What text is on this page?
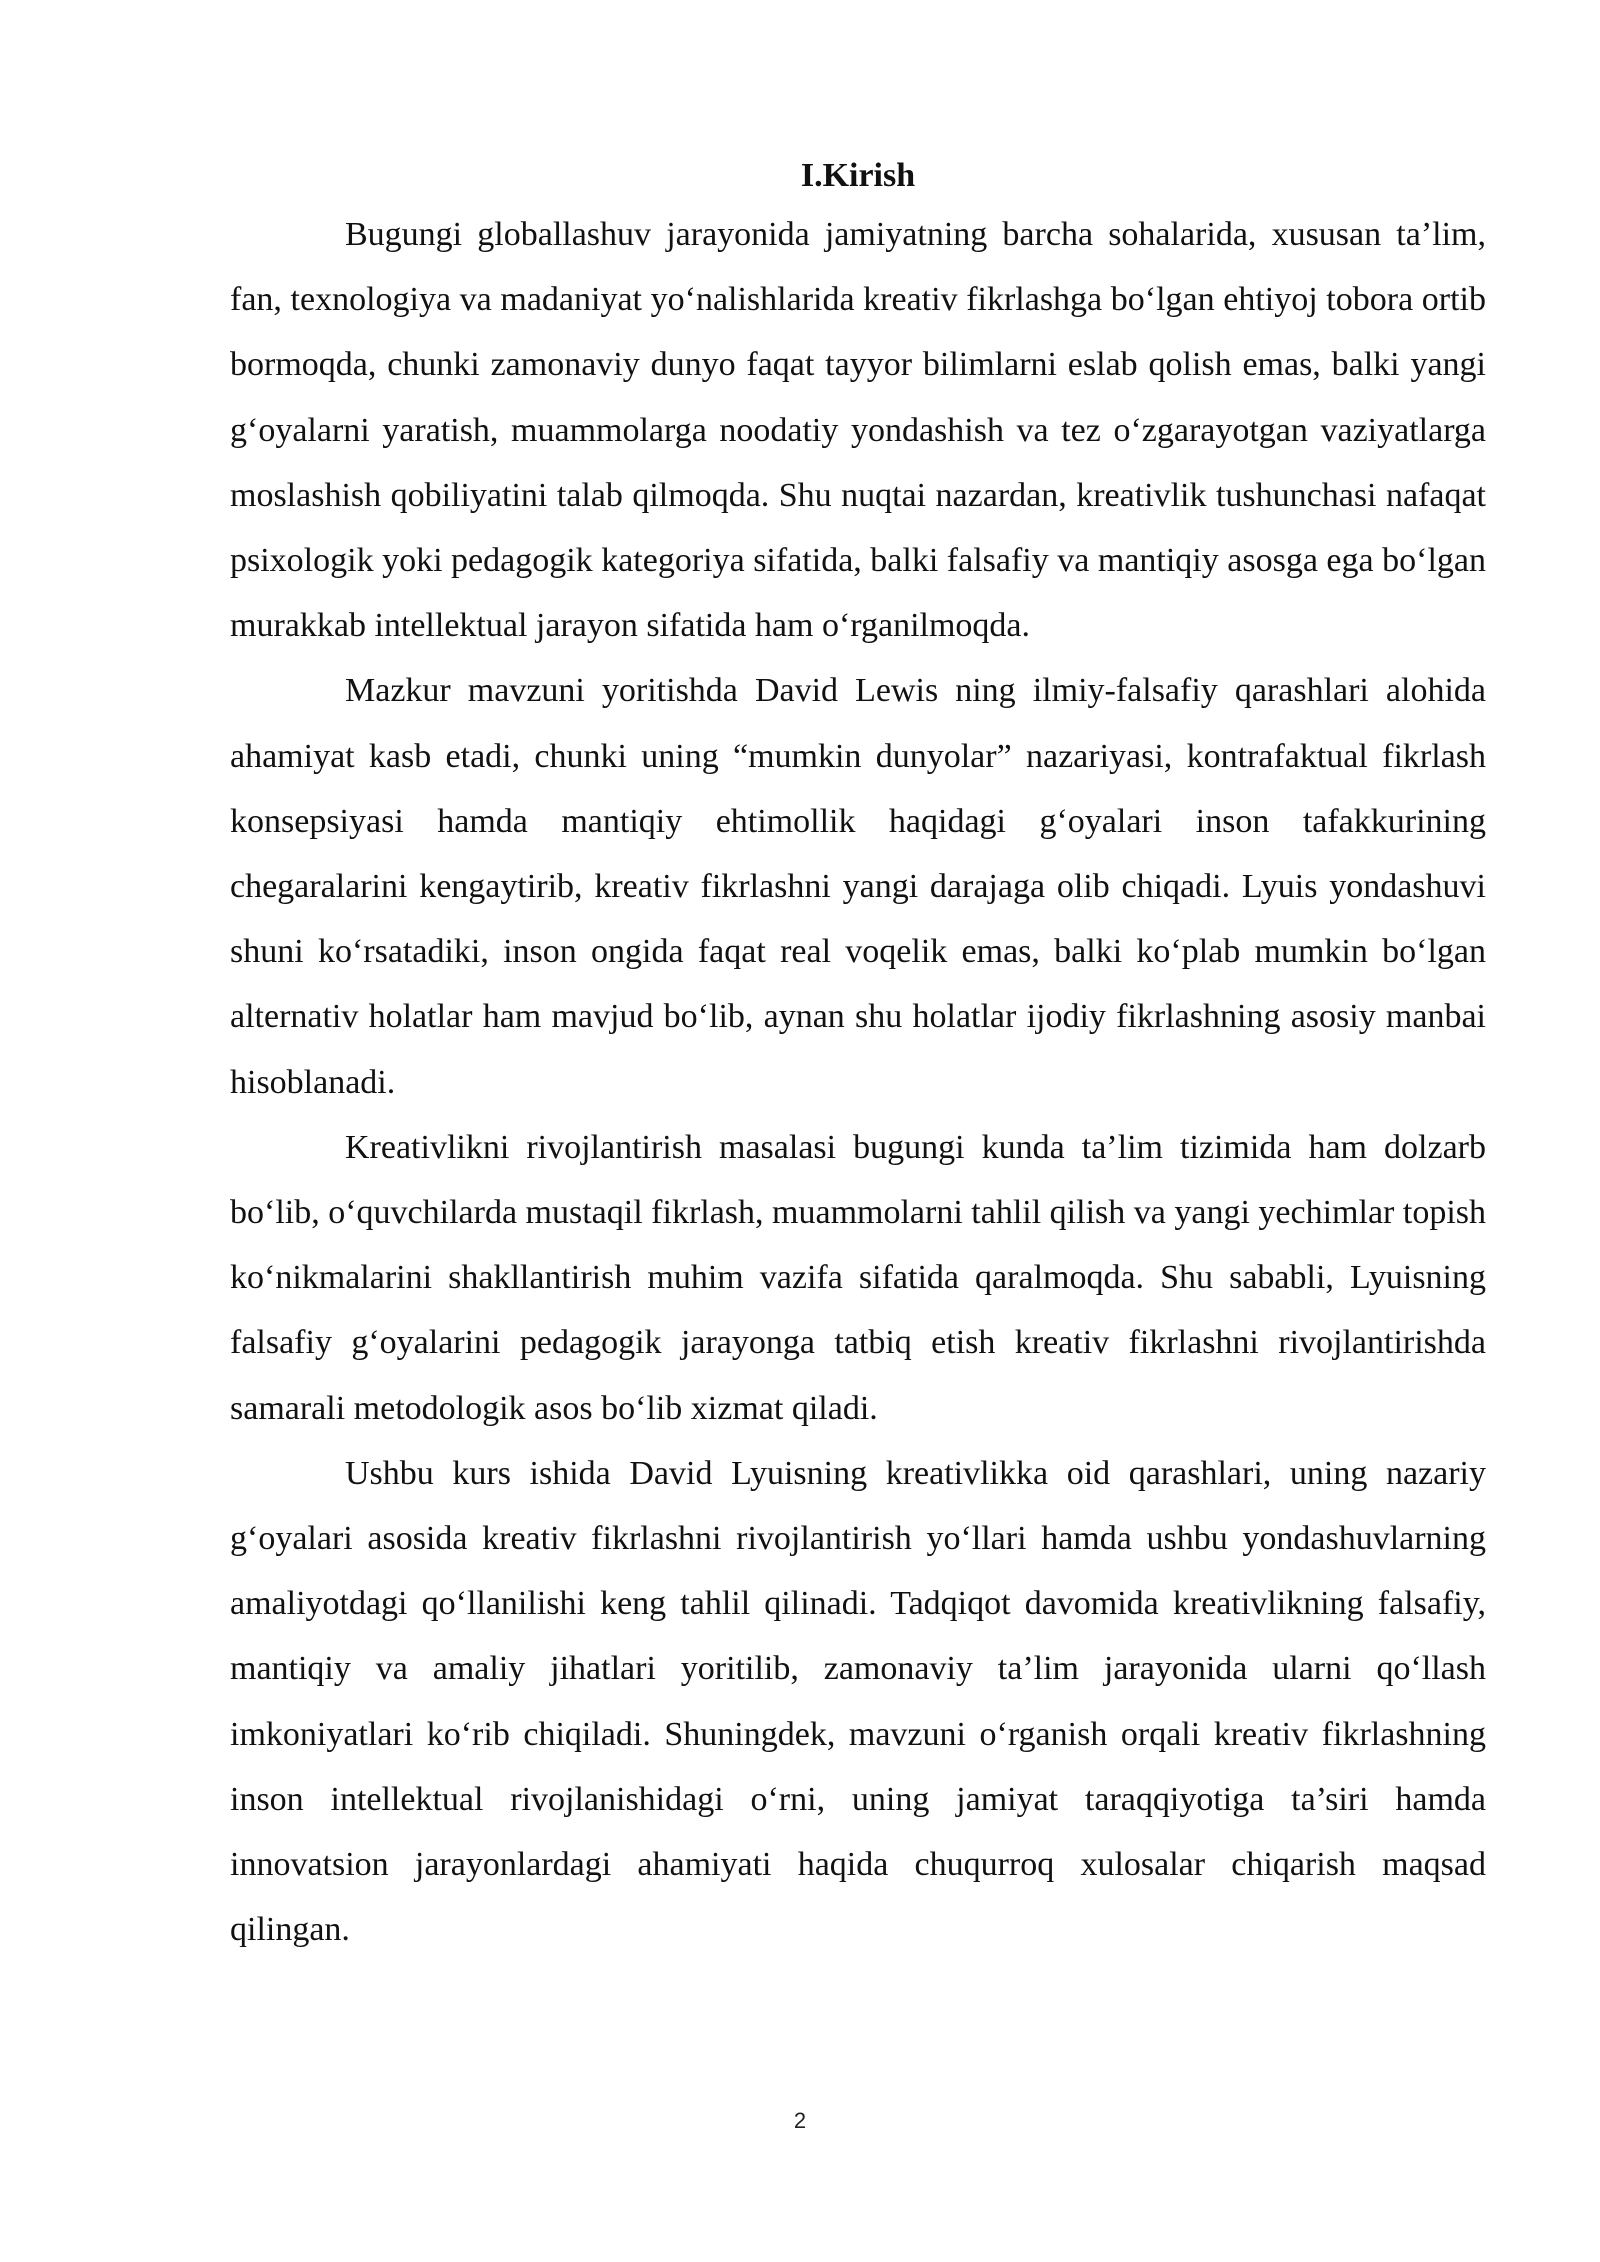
I.Kirish

Bugungi globallashuv jarayonida jamiyatning barcha sohalarida, xususan ta’lim, fan, texnologiya va madaniyat yo‘nalishlarida kreativ fikrlashga bo‘lgan ehtiyoj tobora ortib bormoqda, chunki zamonaviy dunyo faqat tayyor bilimlarni eslab qolish emas, balki yangi g‘oyalarni yaratish, muammolarga noodatiy yondashish va tez o‘zgarayotgan vaziyatlarga moslashish qobiliyatini talab qilmoqda. Shu nuqtai nazardan, kreativlik tushunchasi nafaqat psixologik yoki pedagogik kategoriya sifatida, balki falsafiy va mantiqiy asosga ega bo‘lgan murakkab intellektual jarayon sifatida ham o‘rganilmoqda.

Mazkur mavzuni yoritishda David Lewis ning ilmiy-falsafiy qarashlari alohida ahamiyat kasb etadi, chunki uning “mumkin dunyolar” nazariyasi, kontrafaktual fikrlash konsepsiyasi hamda mantiqiy ehtimollik haqidagi g‘oyalari inson tafakkurining chegaralarini kengaytirib, kreativ fikrlashni yangi darajaga olib chiqadi. Lyuis yondashuvi shuni ko‘rsatadiki, inson ongida faqat real voqelik emas, balki ko‘plab mumkin bo‘lgan alternativ holatlar ham mavjud bo‘lib, aynan shu holatlar ijodiy fikrlashning asosiy manbai hisoblanadi.

Kreativlikni rivojlantirish masalasi bugungi kunda ta’lim tizimida ham dolzarb bo‘lib, o‘quvchilarda mustaqil fikrlash, muammolarni tahlil qilish va yangi yechimlar topish ko‘nikmalarini shakllantirish muhim vazifa sifatida qaralmoqda. Shu sababli, Lyuisning falsafiy g‘oyalarini pedagogik jarayonga tatbiq etish kreativ fikrlashni rivojlantirishda samarali metodologik asos bo‘lib xizmat qiladi.

Ushbu kurs ishida David Lyuisning kreativlikka oid qarashlari, uning nazariy g‘oyalari asosida kreativ fikrlashni rivojlantirish yo‘llari hamda ushbu yondashuvlarning amaliyotdagi qo‘llanilishi keng tahlil qilinadi. Tadqiqot davomida kreativlikning falsafiy, mantiqiy va amaliy jihatlari yoritilib, zamonaviy ta’lim jarayonida ularni qo‘llash imkoniyatlari ko‘rib chiqiladi. Shuningdek, mavzuni o‘rganish orqali kreativ fikrlashning inson intellektual rivojlanishidagi o‘rni, uning jamiyat taraqqiyotiga ta’siri hamda innovatsion jarayonlardagi ahamiyati haqida chuqurroq xulosalar chiqarish maqsad qilingan.

2
